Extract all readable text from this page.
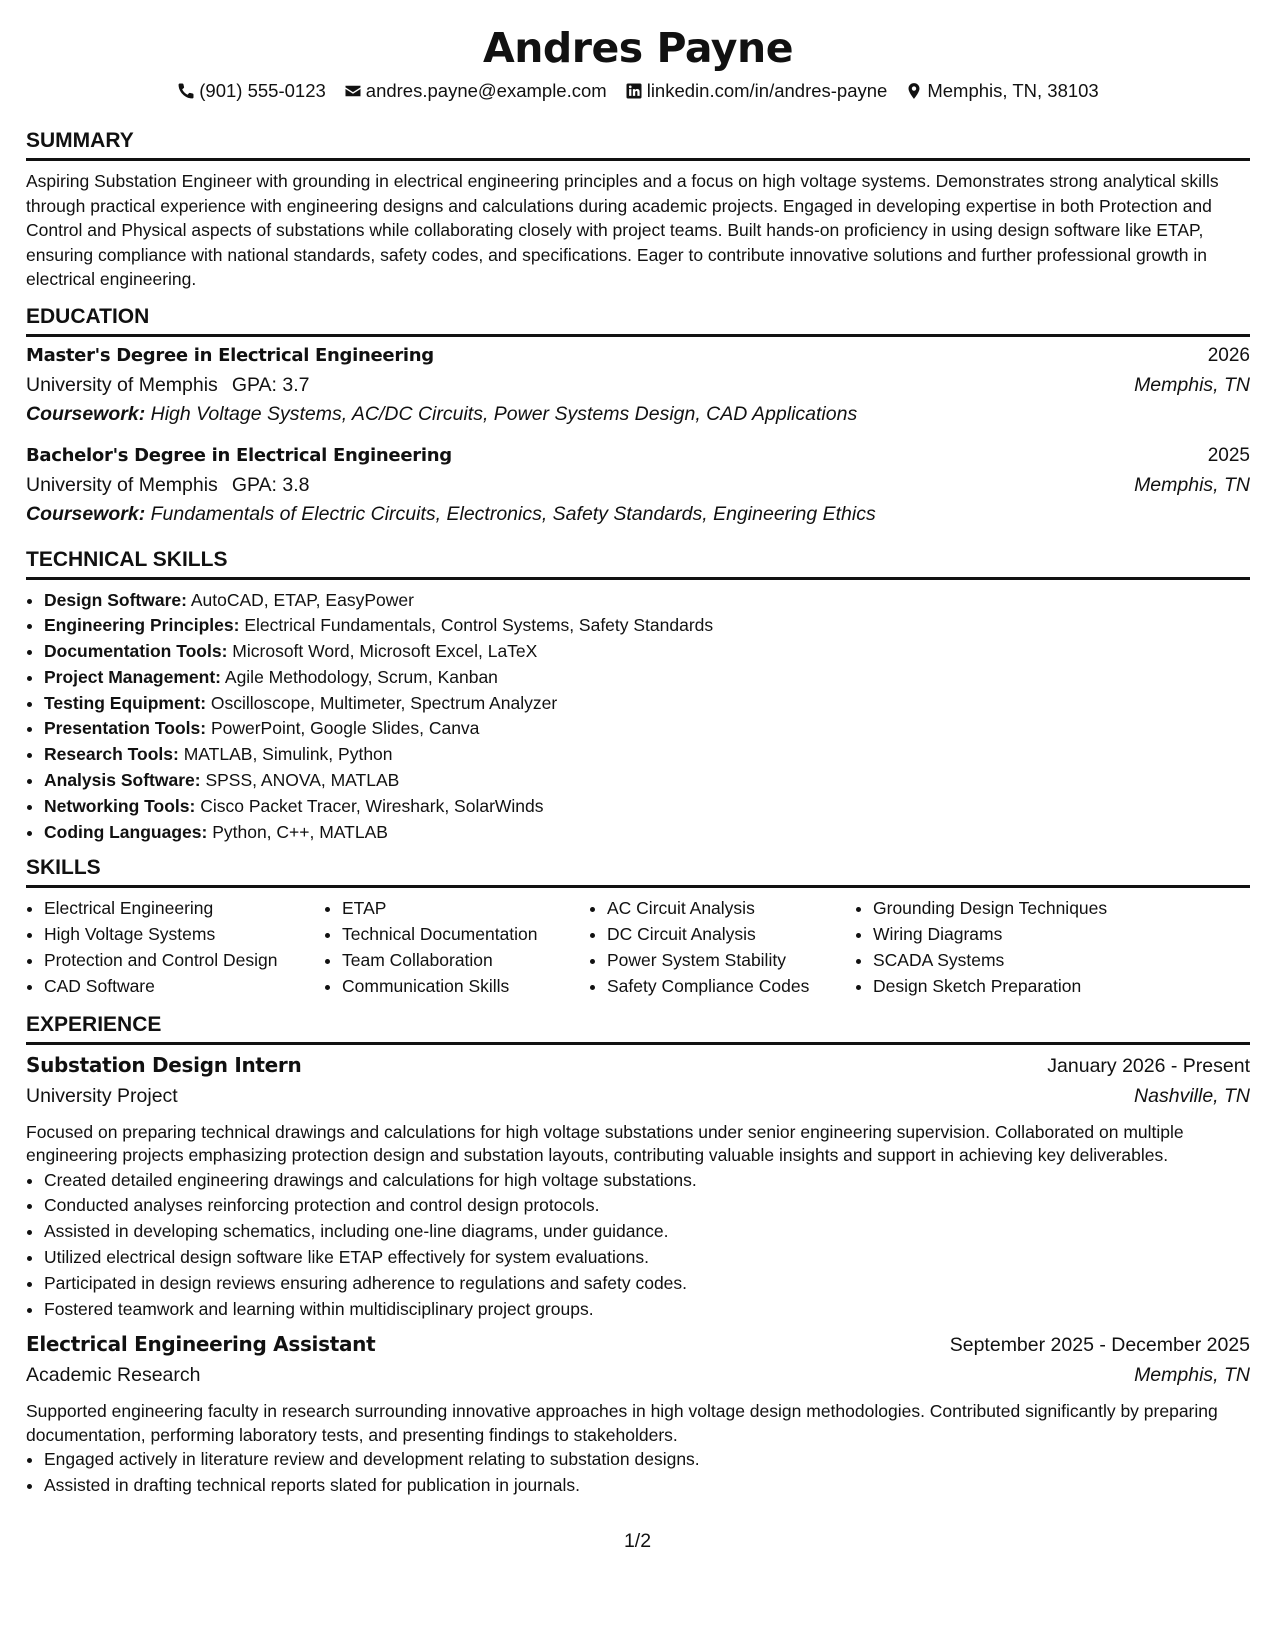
Andres Payne
(901) 555-0123 andres.payne@example.com linkedin.com/in/andres-payne Memphis, TN, 38103
SUMMARY
Aspiring Substation Engineer with grounding in electrical engineering principles and a focus on high voltage systems. Demonstrates strong analytical skills through practical experience with engineering designs and calculations during academic projects. Engaged in developing expertise in both Protection and Control and Physical aspects of substations while collaborating closely with project teams. Built hands-on proficiency in using design software like ETAP, ensuring compliance with national standards, safety codes, and specifications. Eager to contribute innovative solutions and further professional growth in electrical engineering.
EDUCATION
Master's Degree in Electrical Engineering	2026
University of Memphis GPA: 3.7	Memphis, TN
Coursework: High Voltage Systems, AC/DC Circuits, Power Systems Design, CAD Applications
Bachelor's Degree in Electrical Engineering	2025
University of Memphis GPA: 3.8	Memphis, TN
Coursework: Fundamentals of Electric Circuits, Electronics, Safety Standards, Engineering Ethics
TECHNICAL SKILLS
• Design Software: AutoCAD, ETAP, EasyPower
• Engineering Principles: Electrical Fundamentals, Control Systems, Safety Standards
• Documentation Tools: Microsoft Word, Microsoft Excel, LaTeX
• Project Management: Agile Methodology, Scrum, Kanban
• Testing Equipment: Oscilloscope, Multimeter, Spectrum Analyzer
• Presentation Tools: PowerPoint, Google Slides, Canva
• Research Tools: MATLAB, Simulink, Python
• Analysis Software: SPSS, ANOVA, MATLAB
• Networking Tools: Cisco Packet Tracer, Wireshark, SolarWinds
• Coding Languages: Python, C++, MATLAB
SKILLS
• Electrical Engineering
• High Voltage Systems
• Protection and Control Design
• CAD Software
• ETAP
• Technical Documentation
• Team Collaboration
• Communication Skills
• AC Circuit Analysis
• DC Circuit Analysis
• Power System Stability
• Safety Compliance Codes
• Grounding Design Techniques
• Wiring Diagrams
• SCADA Systems
• Design Sketch Preparation
EXPERIENCE
Substation Design Intern	January 2026 - Present
University Project	Nashville, TN
Focused on preparing technical drawings and calculations for high voltage substations under senior engineering supervision. Collaborated on multiple engineering projects emphasizing protection design and substation layouts, contributing valuable insights and support in achieving key deliverables.
• Created detailed engineering drawings and calculations for high voltage substations.
• Conducted analyses reinforcing protection and control design protocols.
• Assisted in developing schematics, including one-line diagrams, under guidance.
• Utilized electrical design software like ETAP effectively for system evaluations.
• Participated in design reviews ensuring adherence to regulations and safety codes.
• Fostered teamwork and learning within multidisciplinary project groups.
Electrical Engineering Assistant	September 2025 - December 2025
Academic Research	Memphis, TN
Supported engineering faculty in research surrounding innovative approaches in high voltage design methodologies. Contributed significantly by preparing documentation, performing laboratory tests, and presenting findings to stakeholders.
• Engaged actively in literature review and development relating to substation designs.
• Assisted in drafting technical reports slated for publication in journals.
1/2
